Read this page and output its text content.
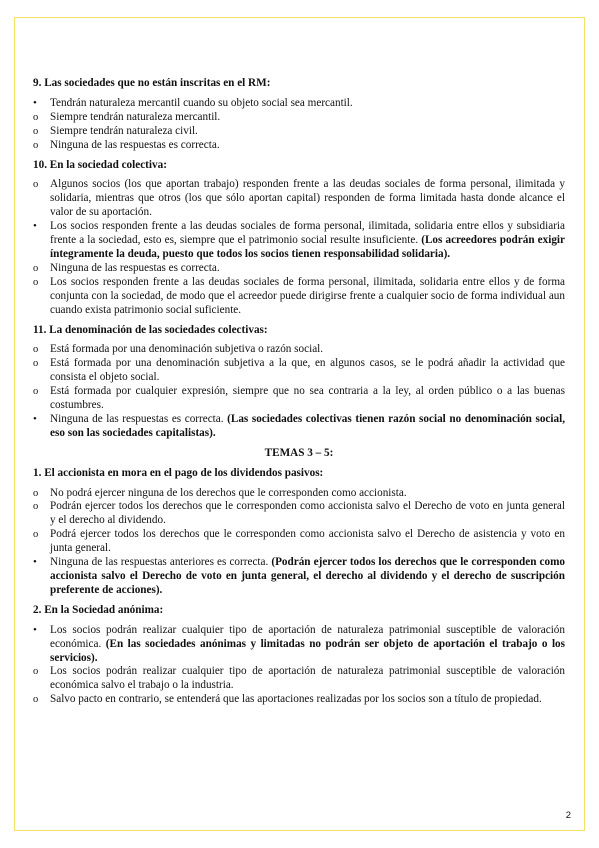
9. Las sociedades que no están inscritas en el RM:
•
Tendrán naturaleza mercantil cuando su objeto social sea mercantil.
o
Siempre tendrán naturaleza mercantil.
o
Siempre tendrán naturaleza civil.
o
Ninguna de las respuestas es correcta.
10. En la sociedad colectiva:
o
Algunos socios (los que aportan trabajo) responden frente a las deudas sociales de forma personal, ilimitada y solidaria, mientras que otros (los que sólo aportan capital) responden de forma limitada hasta donde alcance el valor de su aportación.
•
Los socios responden frente a las deudas sociales de forma personal, ilimitada, solidaria entre ellos y subsidiaria frente a la sociedad, esto es, siempre que el patrimonio social resulte insuficiente. (Los acreedores podrán exigir íntegramente la deuda, puesto que todos los socios tienen responsabilidad solidaria).
o
Ninguna de las respuestas es correcta.
o
Los socios responden frente a las deudas sociales de forma personal, ilimitada, solidaria entre ellos y de forma conjunta con la sociedad, de modo que el acreedor puede dirigirse frente a cualquier socio de forma individual aun cuando exista patrimonio social suficiente.
11. La denominación de las sociedades colectivas:
o
Está formada por una denominación subjetiva o razón social.
o
Está formada por una denominación subjetiva a la que, en algunos casos, se le podrá añadir la actividad que consista el objeto social.
o
Está formada por cualquier expresión, siempre que no sea contraria a la ley, al orden público o a las buenas costumbres.
•
Ninguna de las respuestas es correcta. (Las sociedades colectivas tienen razón social no denominación social, eso son las sociedades capitalistas).
TEMAS 3 – 5:
1. El accionista en mora en el pago de los dividendos pasivos:
o
No podrá ejercer ninguna de los derechos que le corresponden como accionista.
o
Podrán ejercer todos los derechos que le corresponden como accionista salvo el Derecho de voto en junta general y el derecho al dividendo.
o
Podrá ejercer todos los derechos que le corresponden como accionista salvo el Derecho de asistencia y voto en junta general.
•
Ninguna de las respuestas anteriores es correcta. (Podrán ejercer todos los derechos que le corresponden como accionista salvo el Derecho de voto en junta general, el derecho al dividendo y el derecho de suscripción preferente de acciones).
2. En la Sociedad anónima:
•
Los socios podrán realizar cualquier tipo de aportación de naturaleza patrimonial susceptible de valoración económica. (En las sociedades anónimas y limitadas no podrán ser objeto de aportación el trabajo o los servicios).
o
Los socios podrán realizar cualquier tipo de aportación de naturaleza patrimonial susceptible de valoración económica salvo el trabajo o la industria.
o
Salvo pacto en contrario, se entenderá que las aportaciones realizadas por los socios son a título de propiedad.
2
